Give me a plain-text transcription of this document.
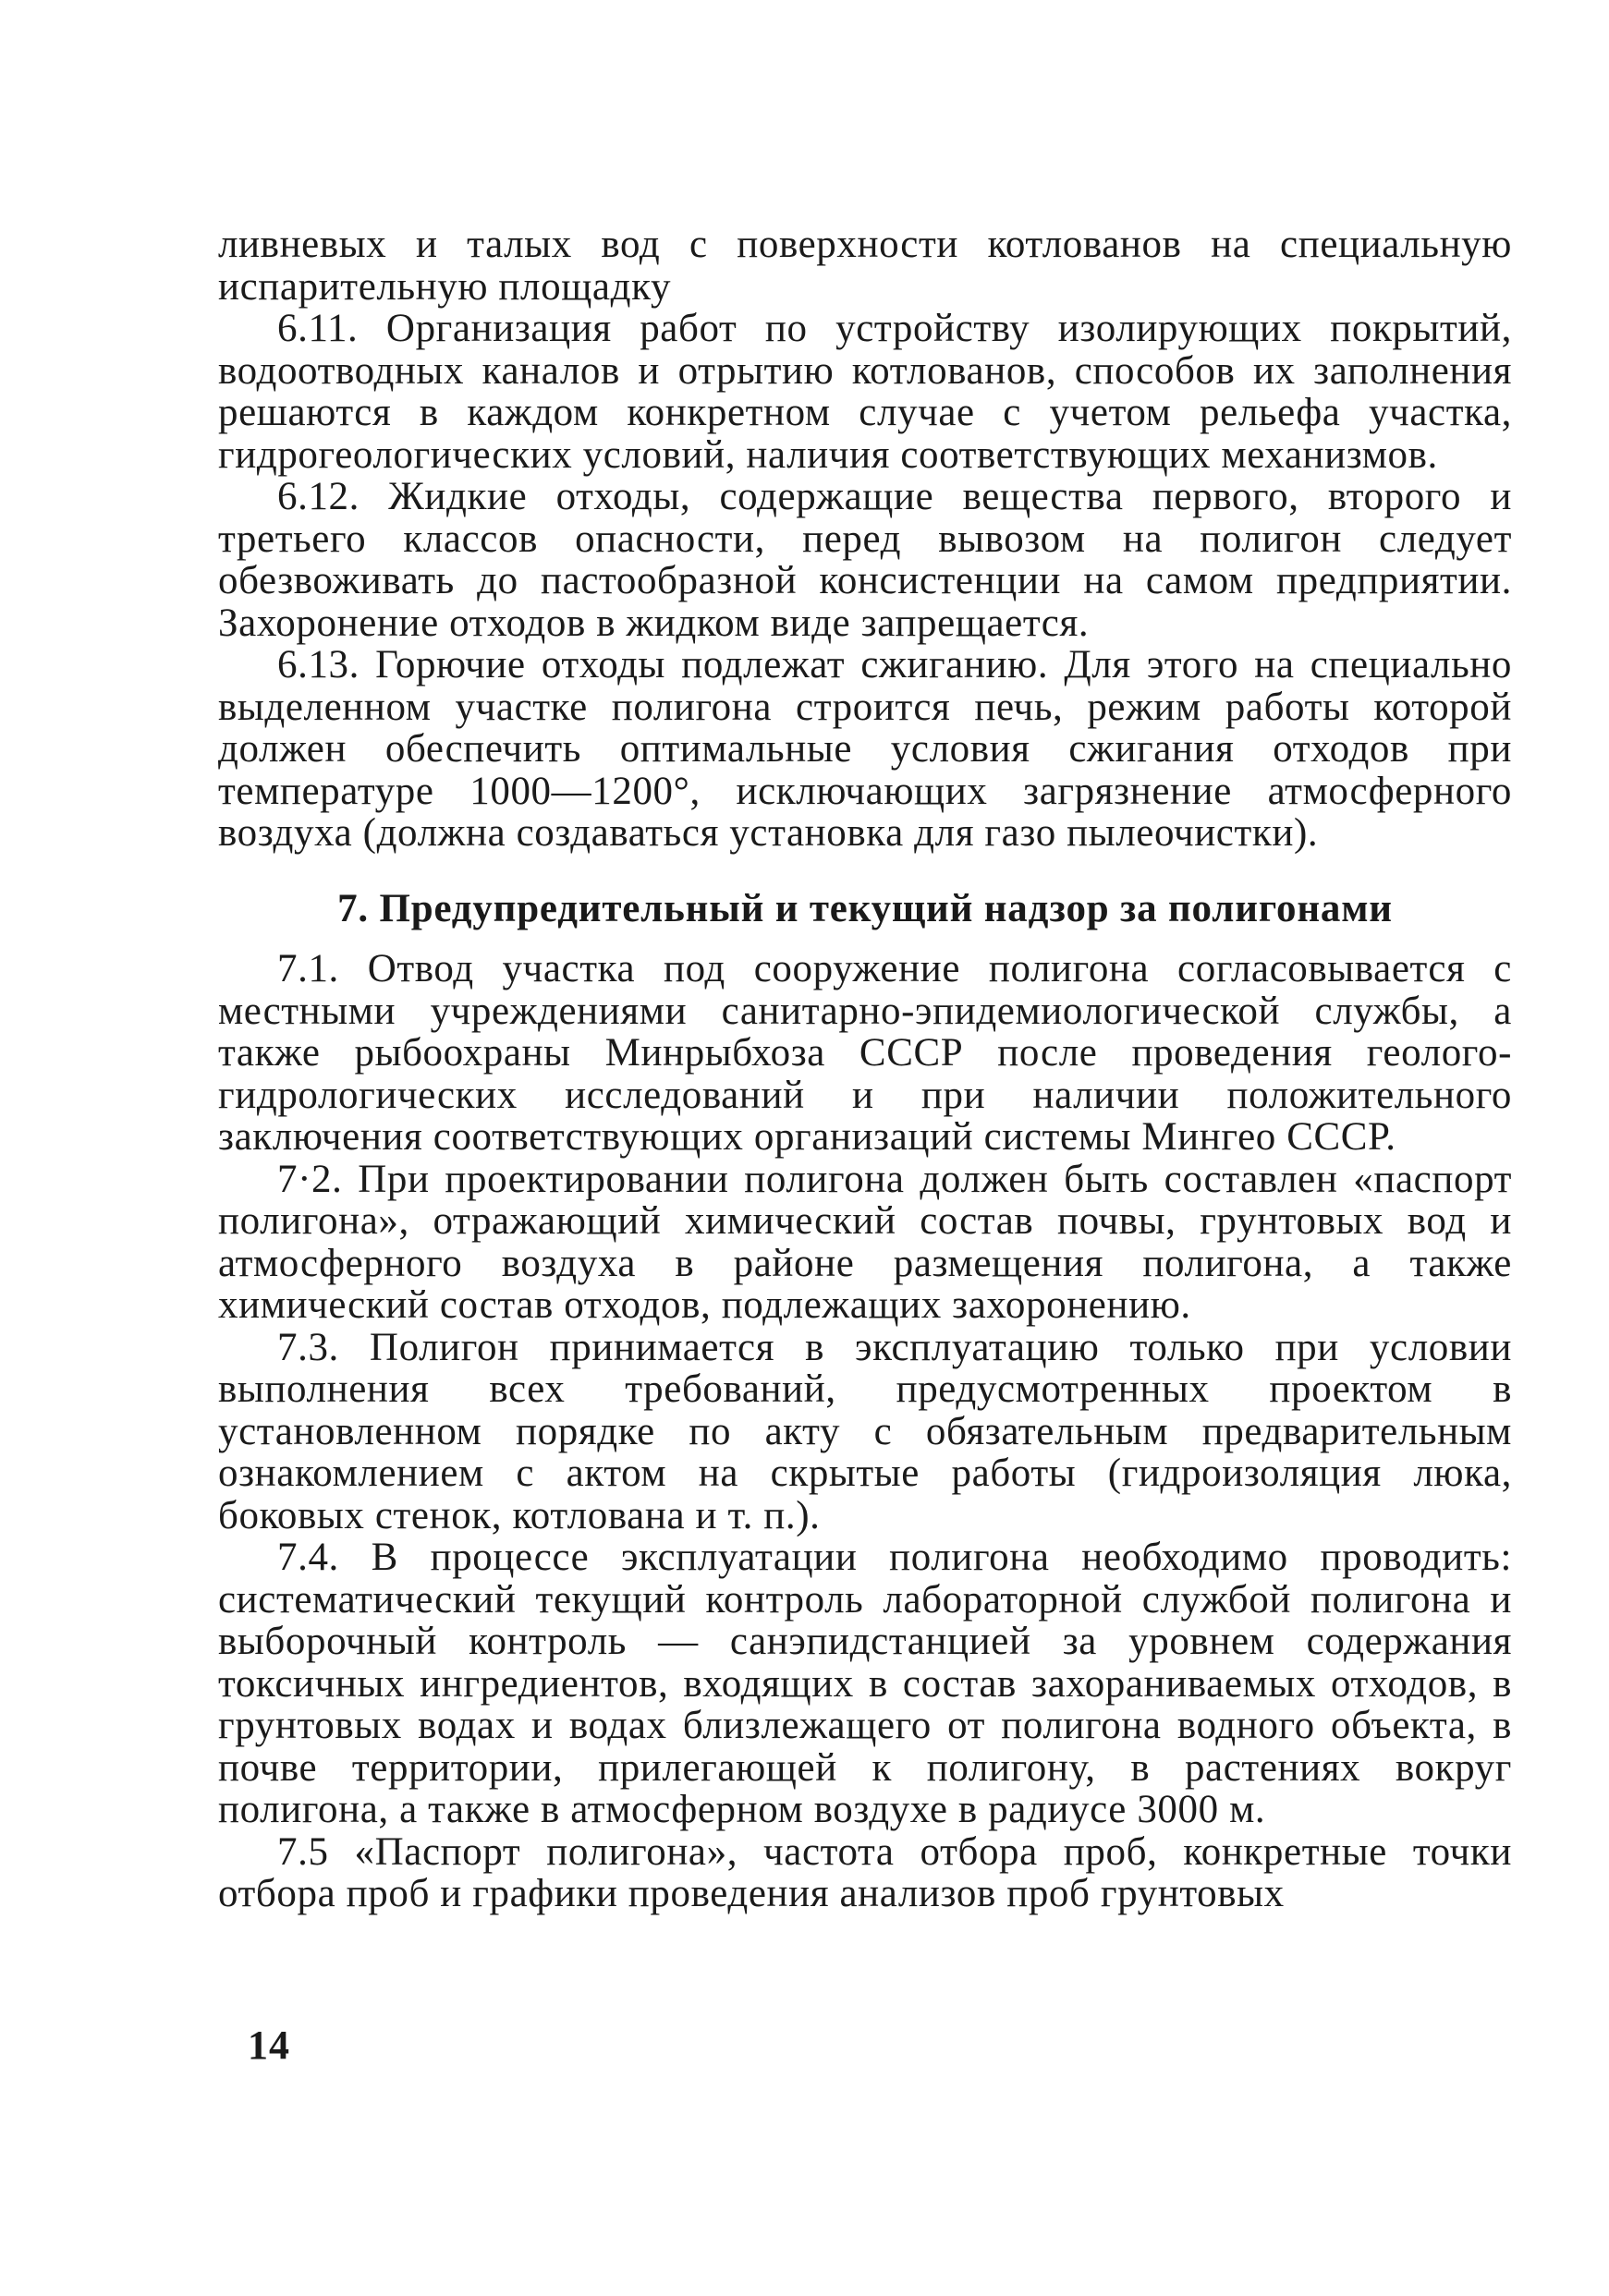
ливневых и талых вод с поверхности котлованов на специальную испарительную площадку

6.11. Организация работ по устройству изолирующих покрытий, водоотводных каналов и отрытию котлованов, способов их заполнения решаются в каждом конкретном случае с учетом рельефа участка, гидрогеологических условий, наличия соответствующих механизмов.

6.12. Жидкие отходы, содержащие вещества первого, второго и третьего классов опасности, перед вывозом на полигон следует обезвоживать до пастообразной консистенции на самом предприятии. Захоронение отходов в жидком виде запрещается.

6.13. Горючие отходы подлежат сжиганию. Для этого на специально выделенном участке полигона строится печь, режим работы которой должен обеспечить оптимальные условия сжигания отходов при температуре 1000—1200°, исключающих загрязнение атмосферного воздуха (должна создаваться установка для газо пылеочистки).

7. Предупредительный и текущий надзор за полигонами

7.1. Отвод участка под сооружение полигона согласовывается с местными учреждениями санитарно-эпидемиологической службы, а также рыбоохраны Минрыбхоза СССР после проведения геолого-гидрологических исследований и при наличии положительного заключения соответствующих организаций системы Мингео СССР.

7·2. При проектировании полигона должен быть составлен «паспорт полигона», отражающий химический состав почвы, грунтовых вод и атмосферного воздуха в районе размещения полигона, а также химический состав отходов, подлежащих захоронению.

7.3. Полигон принимается в эксплуатацию только при условии выполнения всех требований, предусмотренных проектом в установленном порядке по акту с обязательным предварительным ознакомлением с актом на скрытые работы (гидроизоляция люка, боковых стенок, котлована и т. п.).

7.4. В процессе эксплуатации полигона необходимо проводить: систематический текущий контроль лабораторной службой полигона и выборочный контроль — санэпидстанцией за уровнем содержания токсичных ингредиентов, входящих в состав захораниваемых отходов, в грунтовых водах и водах близлежащего от полигона водного объекта, в почве территории, прилегающей к полигону, в растениях вокруг полигона, а также в атмосферном воздухе в радиусе 3000 м.

7.5 «Паспорт полигона», частота отбора проб, конкретные точки отбора проб и графики проведения анализов проб грунтовых

14
